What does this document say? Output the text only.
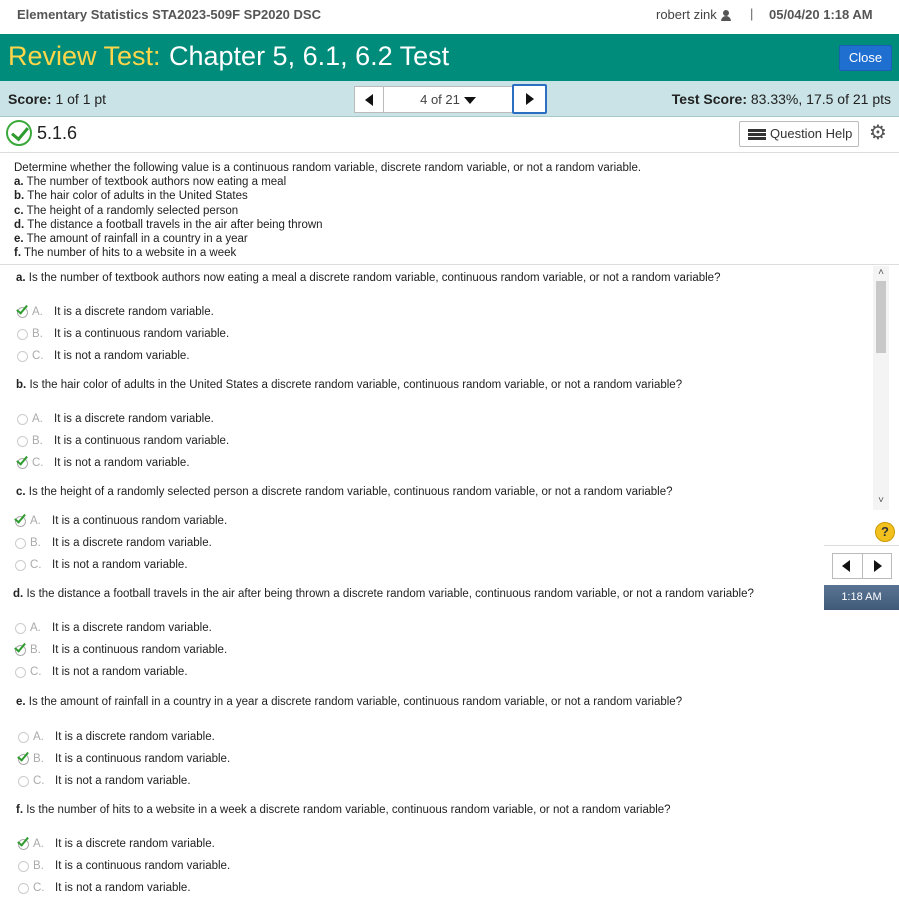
Elementary Statistics STA2023-509F SP2020 DSC	robert zink	| 05/04/20 1:18 AM
Review Test: Chapter 5, 6.1, 6.2 Test	Close
Score: 1 of 1 pt	Test Score: 83.33%, 17.5 of 21 pts
4 of 21
5.1.6	Question Help ⚙
Determine whether the following value is a continuous random variable, discrete random variable, or not a random variable.
a. The number of textbook authors now eating a meal
b. The hair color of adults in the United States
c. The height of a randomly selected person
d. The distance a football travels in the air after being thrown
e. The amount of rainfall in a country in a year
f. The number of hits to a website in a week
a. Is the number of textbook authors now eating a meal a discrete random variable, continuous random variable, or not a random variable?
A. It is a discrete random variable.
B. It is a continuous random variable.
C. It is not a random variable.
b. Is the hair color of adults in the United States a discrete random variable, continuous random variable, or not a random variable?
A. It is a discrete random variable.
B. It is a continuous random variable.
C. It is not a random variable.
c. Is the height of a randomly selected person a discrete random variable, continuous random variable, or not a random variable?
A. It is a continuous random variable.
B. It is a discrete random variable.
C. It is not a random variable.
d. Is the distance a football travels in the air after being thrown a discrete random variable, continuous random variable, or not a random variable?
A. It is a discrete random variable.
B. It is a continuous random variable.
C. It is not a random variable.
e. Is the amount of rainfall in a country in a year a discrete random variable, continuous random variable, or not a random variable?
A. It is a discrete random variable.
B. It is a continuous random variable.
C. It is not a random variable.
f. Is the number of hits to a website in a week a discrete random variable, continuous random variable, or not a random variable?
A. It is a discrete random variable.
B. It is a continuous random variable.
C. It is not a random variable.
˄
˅
?
1:18 AM
